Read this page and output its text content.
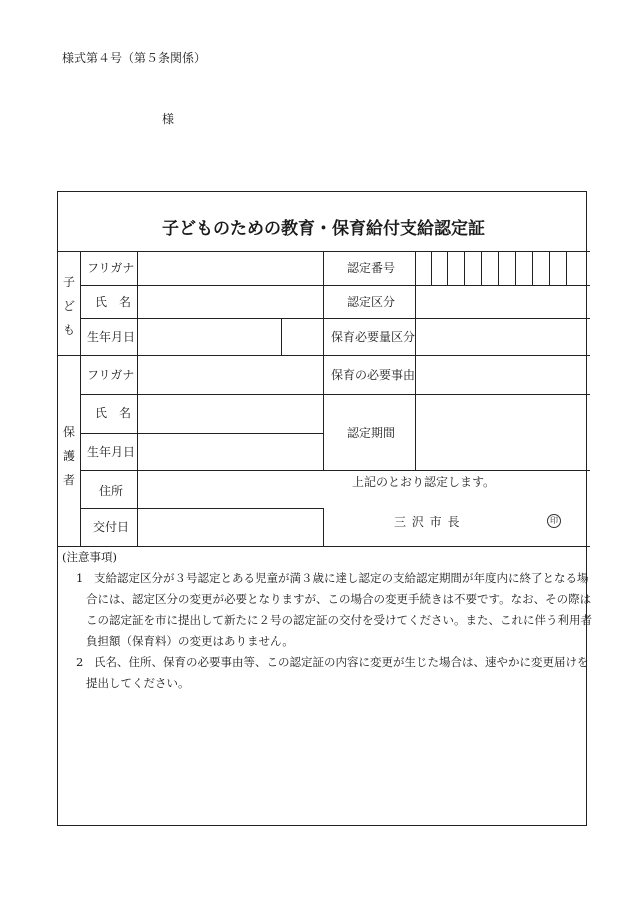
様式第４号（第５条関係）
様
子どものための教育・保育給付支給認定証
子ども
保護者
フリガナ
氏　名
生年月日
認定番号
認定区分
保育必要量区分
フリガナ
氏　名
生年月日
住所
交付日
保育の必要事由
認定期間
上記のとおり認定します。
三 沢 市 長	印
(注意事項)
1 支給認定区分が３号認定とある児童が満３歳に達し認定の支給認定期間が年度内に終了となる場
合には、認定区分の変更が必要となりますが、この場合の変更手続きは不要です。なお、その際は
この認定証を市に提出して新たに２号の認定証の交付を受けてください。また、これに伴う利用者
負担額（保育料）の変更はありません。
2 氏名、住所、保育の必要事由等、この認定証の内容に変更が生じた場合は、速やかに変更届けを
提出してください。
